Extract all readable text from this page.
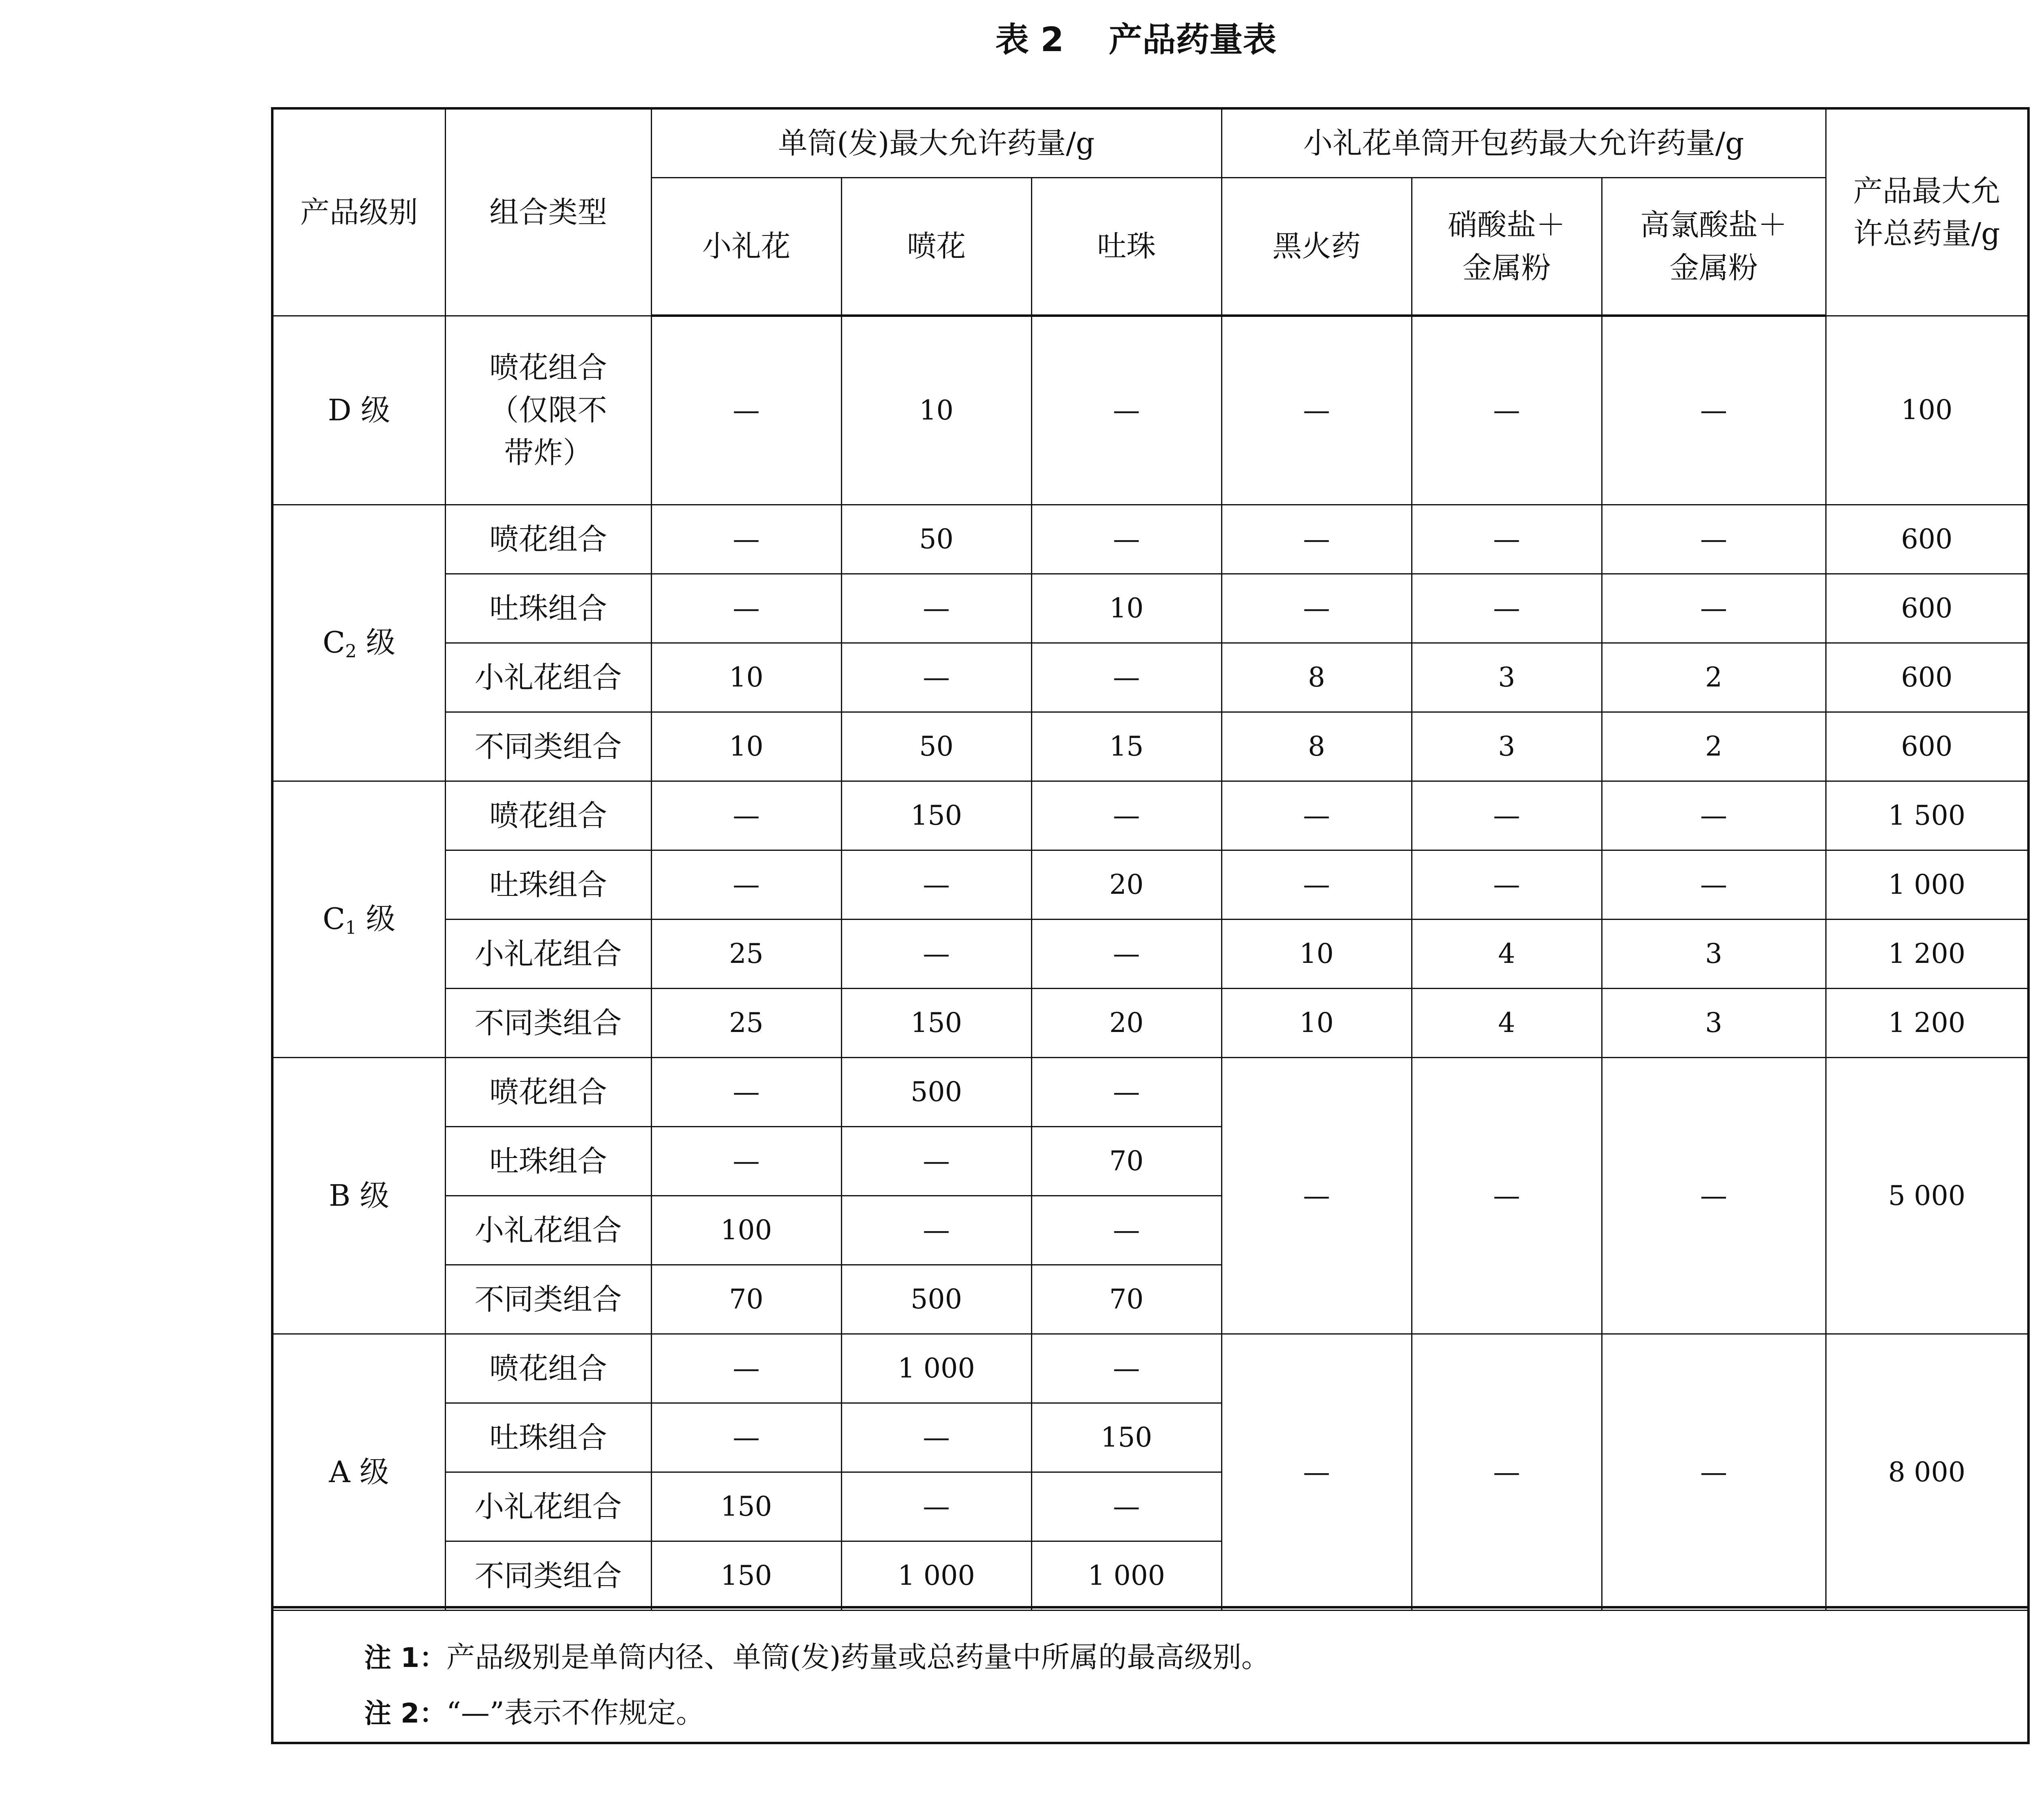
表 2 产品药量表
产品级别	组合类型	单筒(发)最大允许药量/g			小礼花单筒开包药最大允许药量/g			产品最大允
许总药量/g
		小礼花	喷花	吐珠	黑火药	硝酸盐＋
金属粉	高氯酸盐＋
金属粉	
D 级	喷花组合
（仅限不
带炸）	—	10	—	—	—	—	100
$C_2$ 级	喷花组合	—	50	—	—	—	—	600
	吐珠组合	—	—	10	—	—	—	600
	小礼花组合	10	—	—	8	3	2	600
	不同类组合	10	50	15	8	3	2	600
$C_1$ 级	喷花组合	—	150	—	—	—	—	1 500
	吐珠组合	—	—	20	—	—	—	1 000
	小礼花组合	25	—	—	10	4	3	1 200
	不同类组合	25	150	20	10	4	3	1 200
B 级	喷花组合	—	500	—	—	—	—	5 000
	吐珠组合	—	—	70				
	小礼花组合	100	—	—				
	不同类组合	70	500	70				
A 级	喷花组合	—	1 000	—	—	—	—	8 000
	吐珠组合	—	—	150				
	小礼花组合	150	—	—				
	不同类组合	150	1 000	1 000				
注 1：产品级别是单筒内径、单筒(发)药量或总药量中所属的最高级别。
注 2：“—”表示不作规定。
